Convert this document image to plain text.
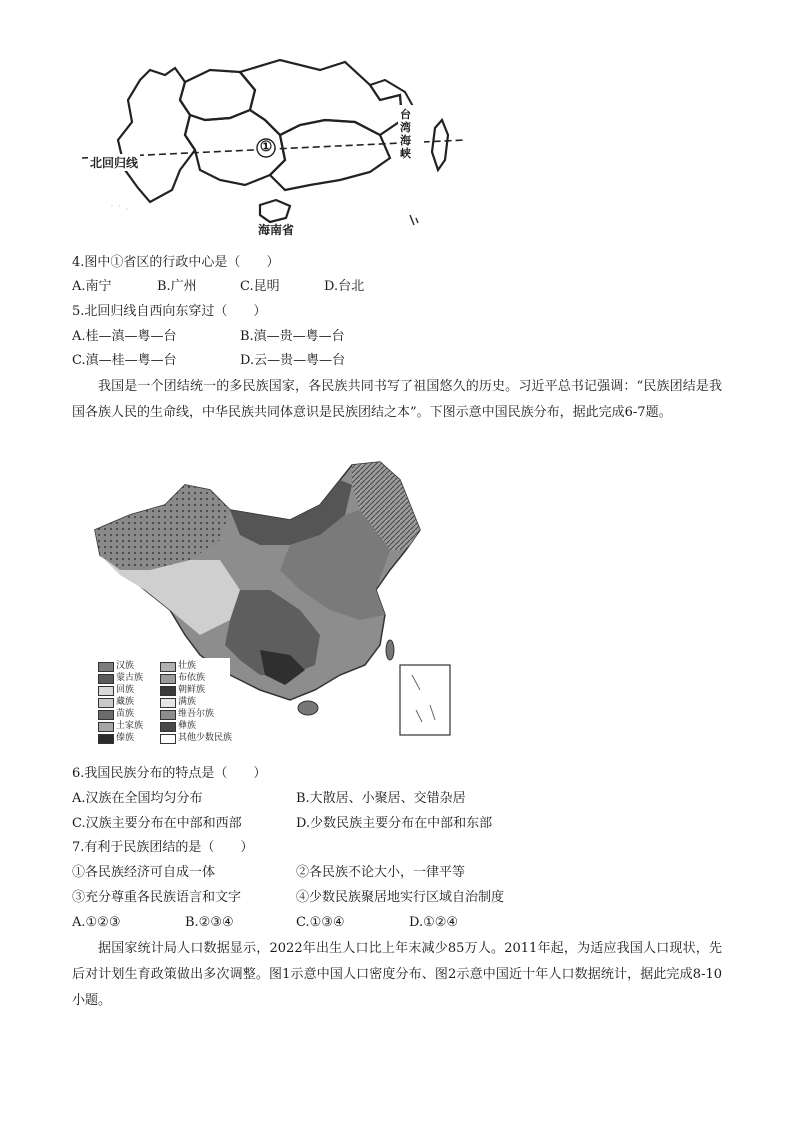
. . · ·
· · .
①
北回归线
台湾海峡
海南省
4.图中①省区的行政中心是（　　）
A.南宁	B.广州	C.昆明	D.台北
5.北回归线自西向东穿过（　　）
A.桂—滇—粤—台	B.滇—贵—粤—台
C.滇—桂—粤—台	D.云—贵—粤—台
我国是一个团结统一的多民族国家，各民族共同书写了祖国悠久的历史。习近平总书记强调：“民族团结是我国各族人民的生命线，中华民族共同体意识是民族团结之本”。下图示意中国民族分布，据此完成6-7题。
汉族	壮族
蒙古族	布依族
回族	朝鲜族
藏族	满族
苗族	维吾尔族
土家族	彝族
傣族	其他少数民族
6.我国民族分布的特点是（　　）
A.汉族在全国均匀分布	B.大散居、小聚居、交错杂居
C.汉族主要分布在中部和西部	D.少数民族主要分布在中部和东部
7.有利于民族团结的是（　　）
①各民族经济可自成一体	②各民族不论大小，一律平等
③充分尊重各民族语言和文字	④少数民族聚居地实行区域自治制度
A.①②③	B.②③④	C.①③④	D.①②④
据国家统计局人口数据显示，2022年出生人口比上年末减少85万人。2011年起，为适应我国人口现状，先后对计划生育政策做出多次调整。图1示意中国人口密度分布、图2示意中国近十年人口数据统计，据此完成8-10小题。
